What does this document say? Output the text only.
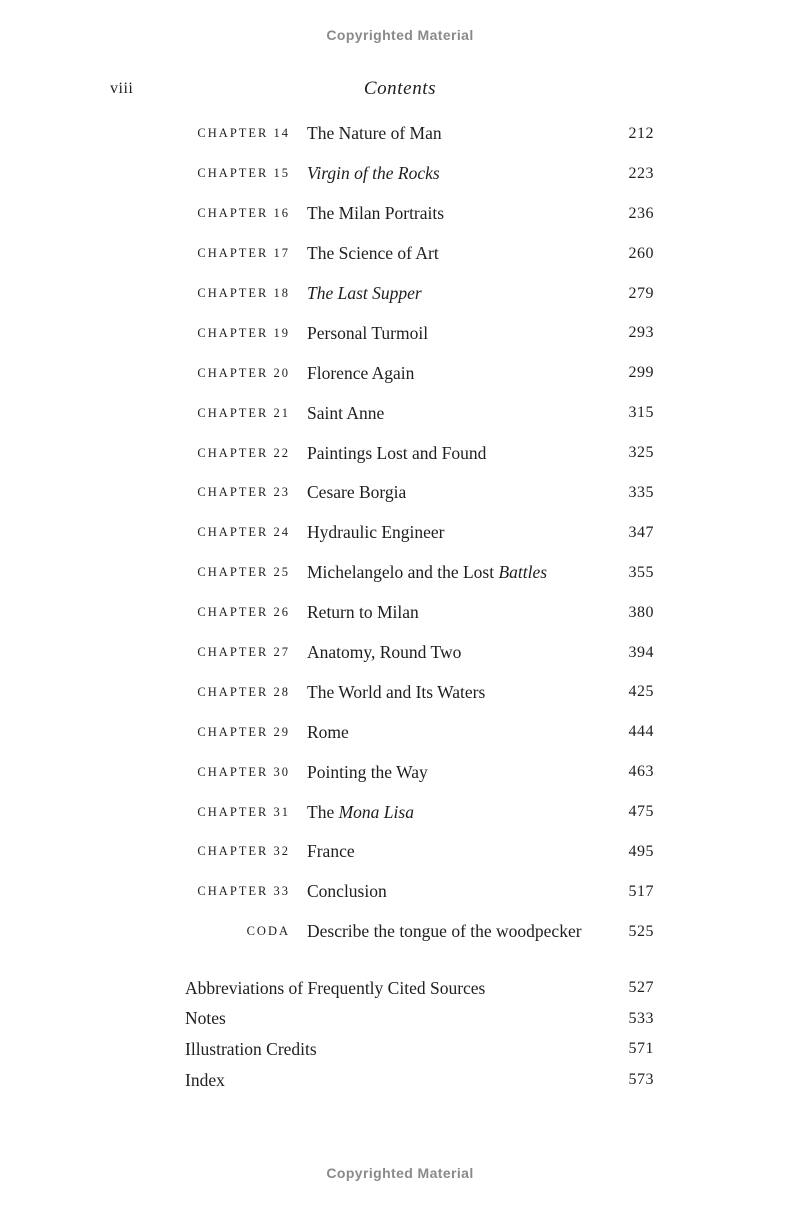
Copyrighted Material
viii	Contents
CHAPTER 14 The Nature of Man	212
CHAPTER 15 Virgin of the Rocks	223
CHAPTER 16 The Milan Portraits	236
CHAPTER 17 The Science of Art	260
CHAPTER 18 The Last Supper	279
CHAPTER 19 Personal Turmoil	293
CHAPTER 20 Florence Again	299
CHAPTER 21 Saint Anne	315
CHAPTER 22 Paintings Lost and Found	325
CHAPTER 23 Cesare Borgia	335
CHAPTER 24 Hydraulic Engineer	347
CHAPTER 25 Michelangelo and the Lost Battles	355
CHAPTER 26 Return to Milan	380
CHAPTER 27 Anatomy, Round Two	394
CHAPTER 28 The World and Its Waters	425
CHAPTER 29 Rome	444
CHAPTER 30 Pointing the Way	463
CHAPTER 31 The Mona Lisa	475
CHAPTER 32 France	495
CHAPTER 33 Conclusion	517
CODA Describe the tongue of the woodpecker	525
Abbreviations of Frequently Cited Sources	527
Notes	533
Illustration Credits	571
Index	573
Copyrighted Material
